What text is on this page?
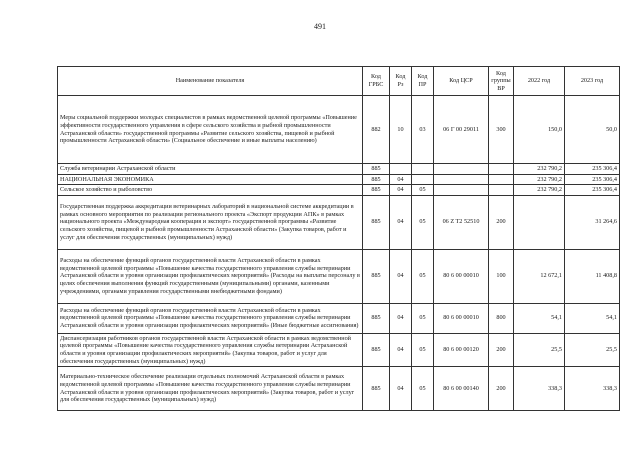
491
Наименование показателя	Код ГРБС	Код Рз	Код ПР	Код ЦСР	Код группы ВР	2022 год	2023 год
Меры социальной поддержки молодых специалистов в рамках ведомственной целевой программы «Повышение эффективности государственного управления в сфере сельского хозяйства и рыбной промышленности Астраханской области» государственной программы «Развитие сельского хозяйства, пищевой и рыбной промышленности Астраханской области» (Социальное обеспечение и иные выплаты населению)	882	10	03	06 Г 00 29011	300	150,0	50,0
Служба ветеринарии Астраханской области	885					232 790,2	235 306,4
НАЦИОНАЛЬНАЯ ЭКОНОМИКА	885	04				232 790,2	235 306,4
Сельское хозяйство и рыболовство	885	04	05			232 790,2	235 306,4
Государственная поддержка аккредитации ветеринарных лабораторий в национальной системе аккредитации в рамках основного мероприятия по реализации регионального проекта «Экспорт продукции АПК» в рамках национального проекта «Международная кооперация и экспорт» государственной программы «Развитие сельского хозяйства, пищевой и рыбной промышленности Астраханской области» (Закупка товаров, работ и услуг для обеспечения государственных (муниципальных) нужд)	885	04	05	06 Z T2 52510	200		31 264,6
Расходы на обеспечение функций органов государственной власти Астраханской области в рамках ведомственной целевой программы «Повышение качества государственного управления службы ветеринарии Астраханской области и уровня организации профилактических мероприятий» (Расходы на выплаты персоналу в целях обеспечения выполнения функций государственными (муниципальными) органами, казенными учреждениями, органами управления государственными внебюджетными фондами)	885	04	05	80 6 00 00010	100	12 672,1	11 408,8
Расходы на обеспечение функций органов государственной власти Астраханской области в рамках ведомственной целевой программы «Повышение качества государственного управления службы ветеринарии Астраханской области и уровня организации профилактических мероприятий» (Иные бюджетные ассигнования)	885	04	05	80 6 00 00010	800	54,1	54,1
Диспансеризация работников органов государственной власти Астраханской области в рамках ведомственной целевой программы «Повышение качества государственного управления службы ветеринарии Астраханской области и уровня организации профилактических мероприятий» (Закупка товаров, работ и услуг для обеспечения государственных (муниципальных) нужд)	885	04	05	80 6 00 00120	200	25,5	25,5
Материально-техническое обеспечение реализации отдельных полномочий Астраханской области в рамках ведомственной целевой программы «Повышение качества государственного управления службы ветеринарии Астраханской области и уровня организации профилактических мероприятий» (Закупка товаров, работ и услуг для обеспечения государственных (муниципальных) нужд)	885	04	05	80 6 00 00140	200	338,3	338,3
